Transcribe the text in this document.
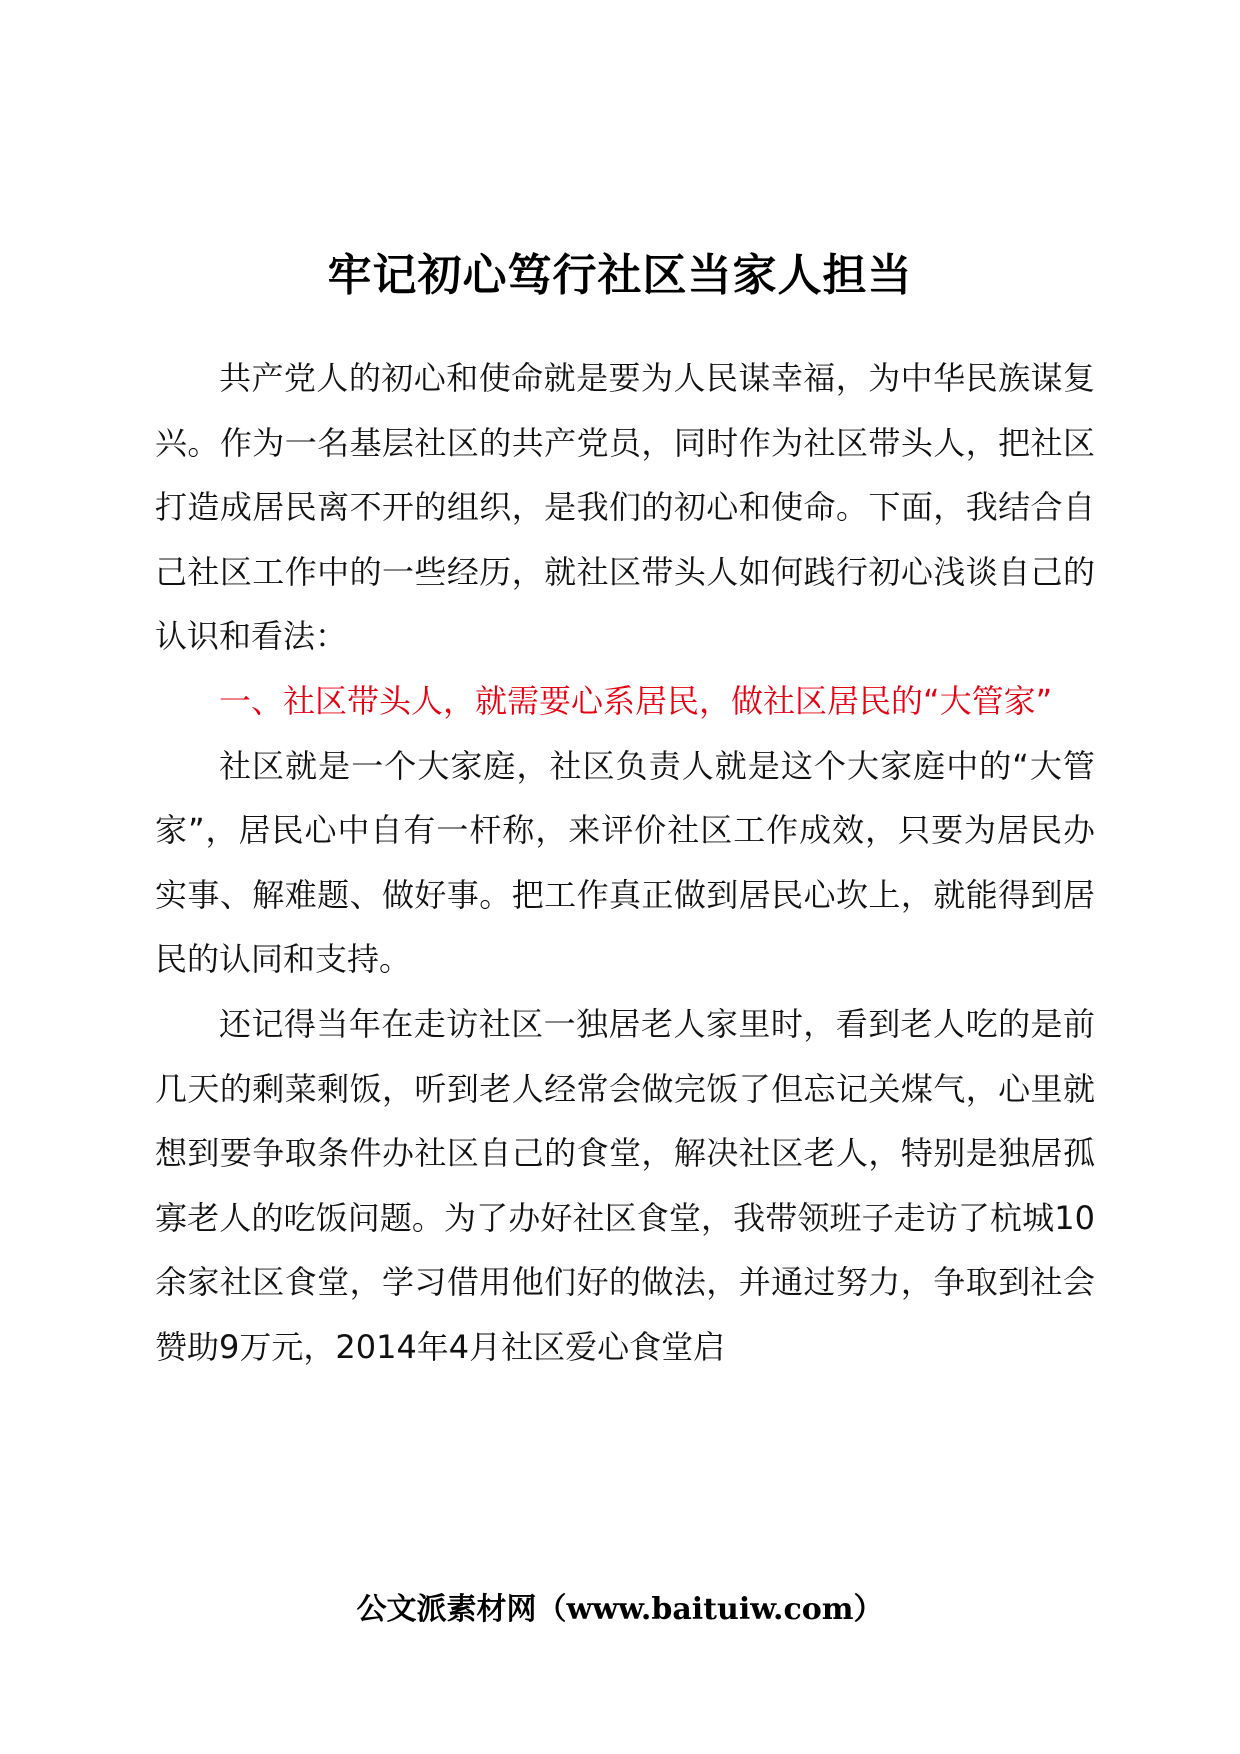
牢记初心笃行社区当家人担当

共产党人的初心和使命就是要为人民谋幸福，为中华民族谋复兴。作为一名基层社区的共产党员，同时作为社区带头人，把社区打造成居民离不开的组织，是我们的初心和使命。下面，我结合自己社区工作中的一些经历，就社区带头人如何践行初心浅谈自己的认识和看法：

一、社区带头人，就需要心系居民，做社区居民的“大管家”

社区就是一个大家庭，社区负责人就是这个大家庭中的“大管家”，居民心中自有一杆称，来评价社区工作成效，只要为居民办实事、解难题、做好事。把工作真正做到居民心坎上，就能得到居民的认同和支持。

还记得当年在走访社区一独居老人家里时，看到老人吃的是前几天的剩菜剩饭，听到老人经常会做完饭了但忘记关煤气，心里就想到要争取条件办社区自己的食堂，解决社区老人，特别是独居孤寡老人的吃饭问题。为了办好社区食堂，我带领班子走访了杭城10余家社区食堂，学习借用他们好的做法，并通过努力，争取到社会赞助9万元，2014年4月社区爱心食堂启

公文派素材网（www.baituiw.com）
